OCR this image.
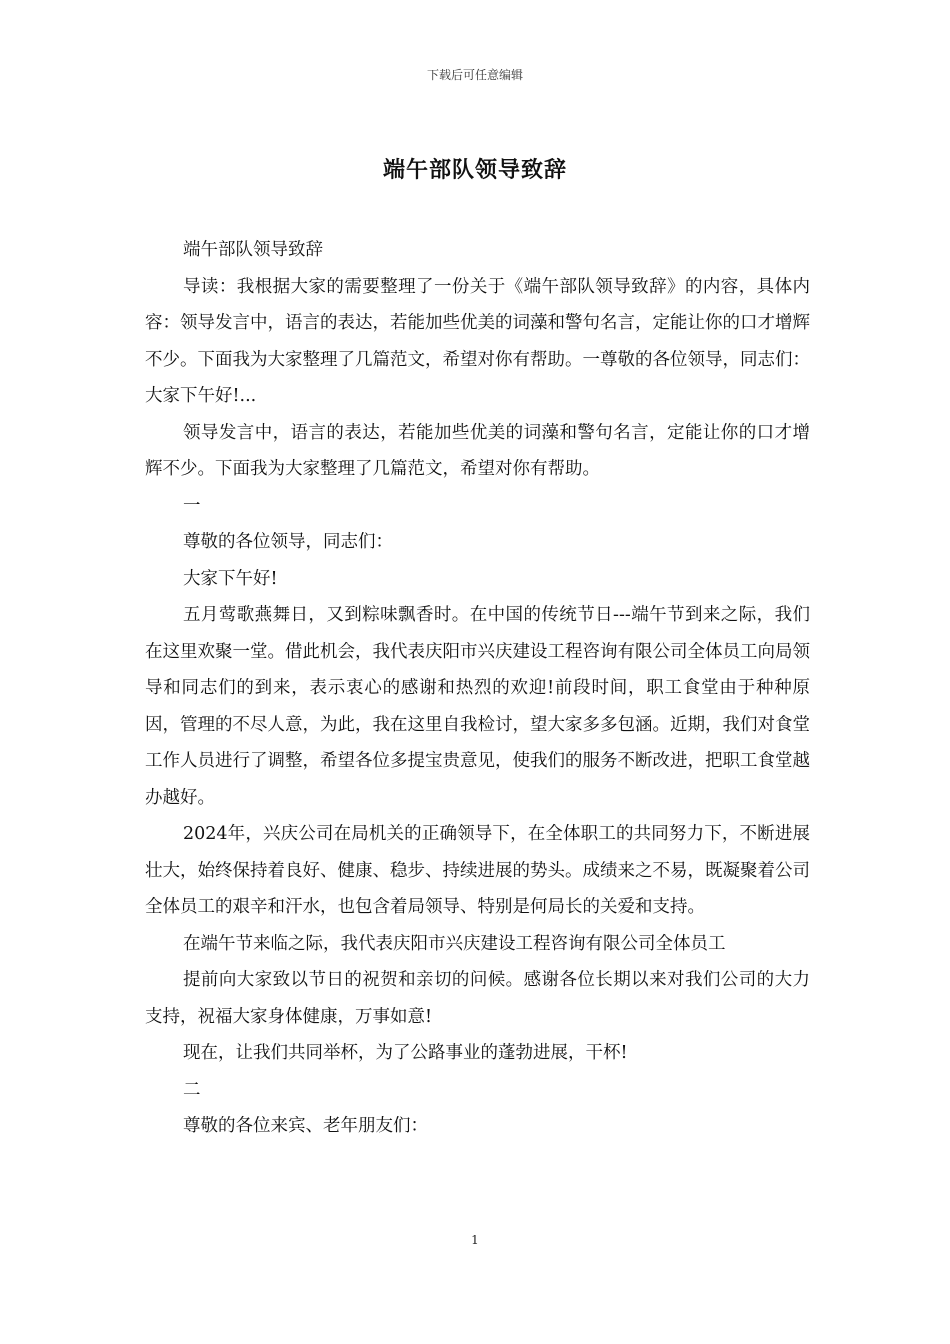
下载后可任意编辑
端午部队领导致辞

端午部队领导致辞

导读：我根据大家的需要整理了一份关于《端午部队领导致辞》的内容，具体内容：领导发言中，语言的表达，若能加些优美的词藻和警句名言，定能让你的口才增辉不少。下面我为大家整理了几篇范文，希望对你有帮助。一尊敬的各位领导，同志们：大家下午好!...

领导发言中，语言的表达，若能加些优美的词藻和警句名言，定能让你的口才增辉不少。下面我为大家整理了几篇范文，希望对你有帮助。

一

尊敬的各位领导，同志们：

大家下午好!

五月莺歌燕舞日，又到粽味飘香时。在中国的传统节日---端午节到来之际，我们在这里欢聚一堂。借此机会，我代表庆阳市兴庆建设工程咨询有限公司全体员工向局领导和同志们的到来，表示衷心的感谢和热烈的欢迎!前段时间，职工食堂由于种种原因，管理的不尽人意，为此，我在这里自我检讨，望大家多多包涵。近期，我们对食堂工作人员进行了调整，希望各位多提宝贵意见，使我们的服务不断改进，把职工食堂越办越好。

2024年，兴庆公司在局机关的正确领导下，在全体职工的共同努力下，不断进展壮大，始终保持着良好、健康、稳步、持续进展的势头。成绩来之不易，既凝聚着公司全体员工的艰辛和汗水，也包含着局领导、特别是何局长的关爱和支持。

在端午节来临之际，我代表庆阳市兴庆建设工程咨询有限公司全体员工

提前向大家致以节日的祝贺和亲切的问候。感谢各位长期以来对我们公司的大力支持，祝福大家身体健康，万事如意!

现在，让我们共同举杯，为了公路事业的蓬勃进展，干杯!

二

尊敬的各位来宾、老年朋友们：

1
